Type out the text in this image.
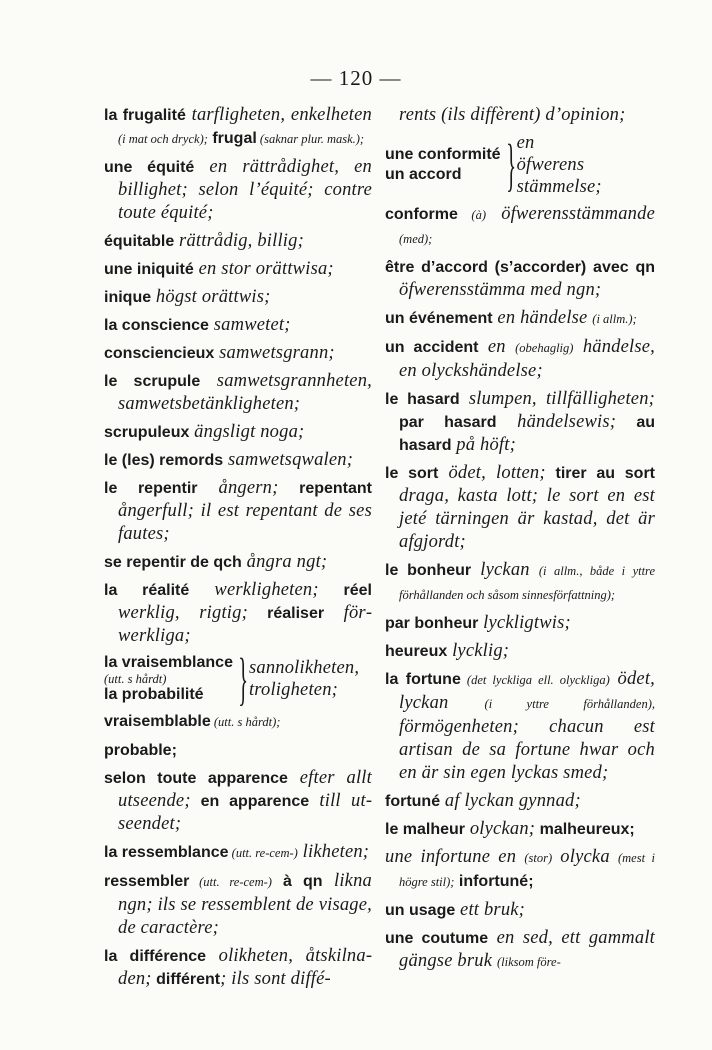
— 120 —
la frugalité tarfligheten, enkelheten (i mat och dryck); frugal (saknar plur. mask.);
une équité en rättrådighet, en billighet; selon l’équité; contre toute équité;
équitable rättrådig, billig;
une iniquité en stor orättwisa;
inique högst orättwis;
la conscience samwetet;
consciencieux samwetsgrann;
le scrupule samwetsgrannheten, samwetsbetänkligheten;
scrupuleux ängsligt noga;
le (les) remords samwetsqwalen;
le repentir ångern; repentant ångerfull; il est repentant de ses fautes;
se repentir de qch ångra ngt;
la réalité werkligheten; réel werklig, rigtig; réaliser förwerkliga;
la vraisemblance
(utt. s hårdt)
la probabilité } sannolikheten,
troligheten;
vraisemblable (utt. s hårdt);
probable;
selon toute apparence efter allt utseende; en apparence till utseendet;
la ressemblance (utt. re-cem-) likheten;
ressembler (utt. re-cem-) à qn likna ngn; ils se ressemblent de visage, de caractère;
la différence olikheten, åtskilnaden; différent; ils sont diffé-
rents (ils diffèrent) d’opinion;
une conformité
un accord } en öfwerens
stämmelse;
conforme (à) öfwerensstämmande (med);
être d’accord (s’accorder) avec qn öfwerensstämma med ngn;
un événement en händelse (i allm.);
un accident en (obehaglig) händelse, en olyckshändelse;
le hasard slumpen, tillfälligheten; par hasard händelsewis; au hasard på höft;
le sort ödet, lotten; tirer au sort draga, kasta lott; le sort en est jeté tärningen är kastad, det är afgjordt;
le bonheur lyckan (i allm., både i yttre förhållanden och såsom sinnesförfattning);
par bonheur lyckligtwis;
heureux lycklig;
la fortune (det lyckliga ell. olyckliga) ödet, lyckan (i yttre förhållanden), förmögenheten; chacun est artisan de sa fortune hwar och en är sin egen lyckas smed;
fortuné af lyckan gynnad;
le malheur olyckan; malheureux;
une infortune en (stor) olycka (mest i högre stil); infortuné;
un usage ett bruk;
une coutume en sed, ett gammalt gängse bruk (liksom före-
